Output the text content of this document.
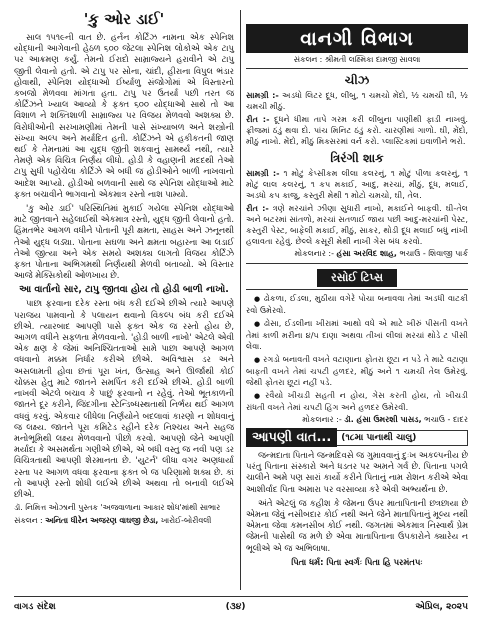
'કુ ઓર ડાઈ'

સાલ ૧૫૧૯ની વાત છે. હર્નન કોર્ટિઝ નામના એક સ્પેનિશ યોદ્ધાની આગેવાની હેઠળ ૬૦૦ જેટલા સ્પેનિશ લોકોએ એક ટાપુ પર આક્રમણ કર્યું. તેમનો ઈરાદો સામ્રાજ્યને હરાવીને એ ટાપુ જીતી લેવાનો હતો. એ ટાપુ પર સોના, ચાંદી, હીરાના વિપુલ ભંડાર હોવાથી, સ્પેનિશ યોદ્ધાઓ ઈર્ષ્યાળુ સંજોગોમાં એ વિસ્તારનો કબજો મેળવવા માંગતા હતા. ટાપુ પર ઉતર્યા પછી તરત જ કોર્ટિઝને ખ્યાલ આવ્યો કે ફક્ત ૬૦૦ યોદ્ધાઓ સાથે તો આ વિશાળ ને શક્તિશાળી સામ્રાજ્ય પર વિજય મેળવવો અશક્ય છે. વિરોધીઓની સરખામણીમાં તેમની પાસે સંખ્યાબળ અને શસ્ત્રોની સંખ્યા અલ્પ અને મર્યાદિત હતી. કોર્ટિઝને એ હકીકતની જાણ થઈ કે તેમનામાં આ યુદ્ધ જીતી શકવાનું સામર્થ્ય નથી, ત્યારે તેમણે એક વિચિત્ર નિર્ણય લીધો. હોડી કે વહાણની મદદથી તેઓ ટાપુ સુધી પહોંચેલા કોર્ટિઝે એ બધી જ હોડીઓને બાળી નાખવાનો આદેશ આપ્યો. હોડીઓ બળવાની સાથે જ સ્પેનિશ યોદ્ધાઓ માટે ફક્ત બચાવીને ભાગવાનો એકમાત્ર રસ્તો નાશ પામ્યો.

'કુ ઓર ડાઈ' પરિસ્થિતિમાં મુકાઈ ગયેલા સ્પેનિશ યોદ્ધાઓ માટે જીતવાને સહેલાઈથી એકમાત્ર રસ્તો, યુદ્ધ જીતી લેવાનો હતો. હિંમતભેર આગળ વધીને પોતાની પૂરી ક્ષમતા, સાહસ અને ઝનૂનથી તેઓ યુદ્ધ લડ્યા. પોતાના સઘળા અને ક્ષમતા બહારના આ લડાઈ તેઓ જીત્યા અને એક સમયે અશક્ય લાગતો વિજય કોર્ટિઝે ફક્ત પોતાના અભિગમથી નિર્ણયથી મેળવી બતાવ્યો. એ વિસ્તાર આજે મેક્સિકોથી ઓળખાય છે.

આ વાર્તાનો સાર, ટાપુ જીતવા હોય તો હોડી બાળી નાખો.

પાછા ફરવાના દરેક રસ્તા બંધ કરી દઈએ છીએ ત્યારે આપણે પરાજય પામવાનો કે પલાયન થવાનો વિકલ્પ બંધ કરી દઈએ છીએ. ત્યારબાદ આપણી પાસે ફક્ત એક જ રસ્તો હોય છે, આગળ વધીને સફળતા મેળવવાનો. 'હોડી બાળી નાખો' એટલે એવી એક ક્ષણ કે જેમાં અનિશ્ચિતતાઓ સામે પાછા આપણે આગળ વધવાનો મક્કમ નિર્ધાર કરીએ છીએ. અવિશ્વાસ ડર અને અસલામતી હોવા છતાં પૂરા ખંત, ઉત્સાહ અને ઊર્જાથી કોઈ ચોક્કસ હેતુ માટે જાતને સમર્પિત કરી દઈએ છીએ. હોડી બાળી નાખવી એટલે બચાવ કે પાછું ફરવાનો ન રહેવું. તેઓ ભૂતકાળની જાતને દૂર કરીને, જિંદગીના સ્ટેન્ડિબ્ધસ્થતાથી નિર્ભય થઈ આગળ વધવું કરવું. એકવાર લીધેલા નિર્ણયોને બદલાવાં કારણો ન શોધવાનું જ લક્ષ્ય. જાતને પૂરા કમિટેડ રહીને દરેક નિશ્ચય અને સહજ મનોભૂમિથી લક્ષ્ય મેળવવાનો પીછો કરવો. આપણો જેને આપણી મર્યાદા કે અસમર્થતા ગણીએ છીએ, એ બધી વસ્તુ જ નવી પણ ડર વિચિત્રતાથી આપણી શેરમાનતા છે. 'યુટર્ન' લીધા વગર અણધાર્યા રસ્તા પર આગળ વધવા ફરવાના ફક્ત બે જ પરિણામો શક્ય છે. કાં તો આપણે રસ્તો શોધી લઈએ છીએ અથવા તો બનાવી લઈએ છીએ.

ડૉ. નિમિત્ત ઓઝાની પુસ્તક 'અજવાળાના આકાર શોધ'માંથી સાભાર

સંકલન : અનિતા ધીરેન અજરણ વાઘજી છેડા, ખારોઈ-બોરીવલી

વાનગી વિભાગ
સંકલન : શ્રીમતી લક્ષ્મિકા દામજી સાવલા
ચીઝ

સામગ્રી :- અડધો લિટર દૂધ, લીંબુ, ૧ ચમચો મેંદો, ½ ચમચી ઘી, ½ ચમચી મીઠું.

રીત :- દૂધને ધીમા તાપે ગરમ કરી લીંબુના પાણીથી ફાડી નાખવું. ફ્રીજમાં ઠંડું થવા દો. પાંચ મિનિટ ઠંડું કરો. ચારણીમાં ગાળો. ઘી, મેંદો, મીઠું નાખો. મેંદો, મીઠું મિક્સરમાં વર્ન કરો. પ્લાસ્ટિકમાં ઇવાળીને ભરો.

ત્રિરંગી શાક

સામગ્રી :- ૧ મોટું કેપ્સીકમ લીલા કલરનું, ૧ મોટું પીળા કલરનું, ૧ મોટું લાલ કલરનું, ૧ કપ મકાઈ, આદુ, મરચાં, મીઠું, દૂધ, મલાઈ, અડધો કપ કાજુ, કસ્તુરી મેથી ૧ મોટો ચમચો, ઘી, તેલ.

રીત :- ત્રણે મરચાંને ઝીણા સુધારી નાખો, મકાઈને બાફવી. ઘી-તેલ અને બટરમાં સાંતળો, મરચાં સતળાઈ જાય પછી આદુ-મરચાંની પેસ્ટ, કસ્તુરી પેસ્ટ, બાફેલી મકાઈ, મીઠું, સાકર, થોડી દૂધ મલાઈ બધું નાંખી હલાવતા રહેવું. છેલ્લે કસૂરી મેથી નાખી ગેસ બંધ કરવો.

મોકલનાર :- હંસા અરવિંદ શાહ, ભચાઉ - શિવાજી પાર્ક

રસોઈ ટિપ્સ

● ઢોકળા, ઈડલા, મુઠીયા વગેરે પોચા બનાવવા તેમાં અડધી વાટકી રવો ઉમેરવો.

● ઢોસા, ઈડલીના ખીરામાં આથો વધે એ માટે ખીરું પીસતી વખતે તેમાં કાળી મરીના ૪/૫ દાણા અથવા તીખાં લીલાં મરચાં થોડે ટ પીસી લેવા.

● રગડો બનાવતી વખતે વટાણાના ફોતરા છૂટા ન પડે તે માટે વટાણા બાફતી વખતે તેમાં ચપટી હળદર, મીઠું અને ૧ ચમચી તેલ ઉમેરવું. જેથી ફોતરા છૂટાં નહીં પડે.

● રવૈયો ખીચડી સહતી ન હોય, ગેસ કરતી હોય, તો ખીચડી રાંધતી વખતે તેમાં ચપટી હિંગ અને હળદર ઉમેરવી.

મોકલનાર :- ડૉ. હંસા ઉમરશી પાસડ, ભચાઉ - દાદર

આપણી વાત...	(૧૮મા પાનાથી ચાલુ)

જન્મદાતા પિતાને જન્મદિવસે જ ગુમાવવાનું દુઃખ અકલ્પનીય છે પરંતુ પિતાના સંસ્કારો અને ધડતર પર અમને ગર્વ છે. પિતાના પગલે ચાલીને અમે પણ સારાં કાર્યો કરીને પિતાનું નામ રોશન કરીએ એવા આશીર્વાદ પિતા અમારા પર વરસાવ્યા કરે એવી અભ્યર્થના છે.

અંતે એટલું જ કહીશ કે જેમના ઉપર માતાપિતાની છત્રછાયા છે એમના જેવું નસીબદાર કોઈ નથી અને જેને માતાપિતાનું મૂલ્ય નથી એમના જેવા કમનસીબ કોઈ નથી. જગતમાં એકમાત્ર નિસ્વાર્થ પ્રેમ જેમની પાસેથી જ મળે છે એવા માતાપિતાના ઉપકારોને ક્યારેય ન ભૂલીએ એ જ અભિલાષા.

પિતા ધર્મ: પિતા સ્વર્ગઃ પિતા હિ પરમંતપઃ
વાગડ સંદેશ	(૩૪)	એપ્રિલ, ૨૦૨૫
